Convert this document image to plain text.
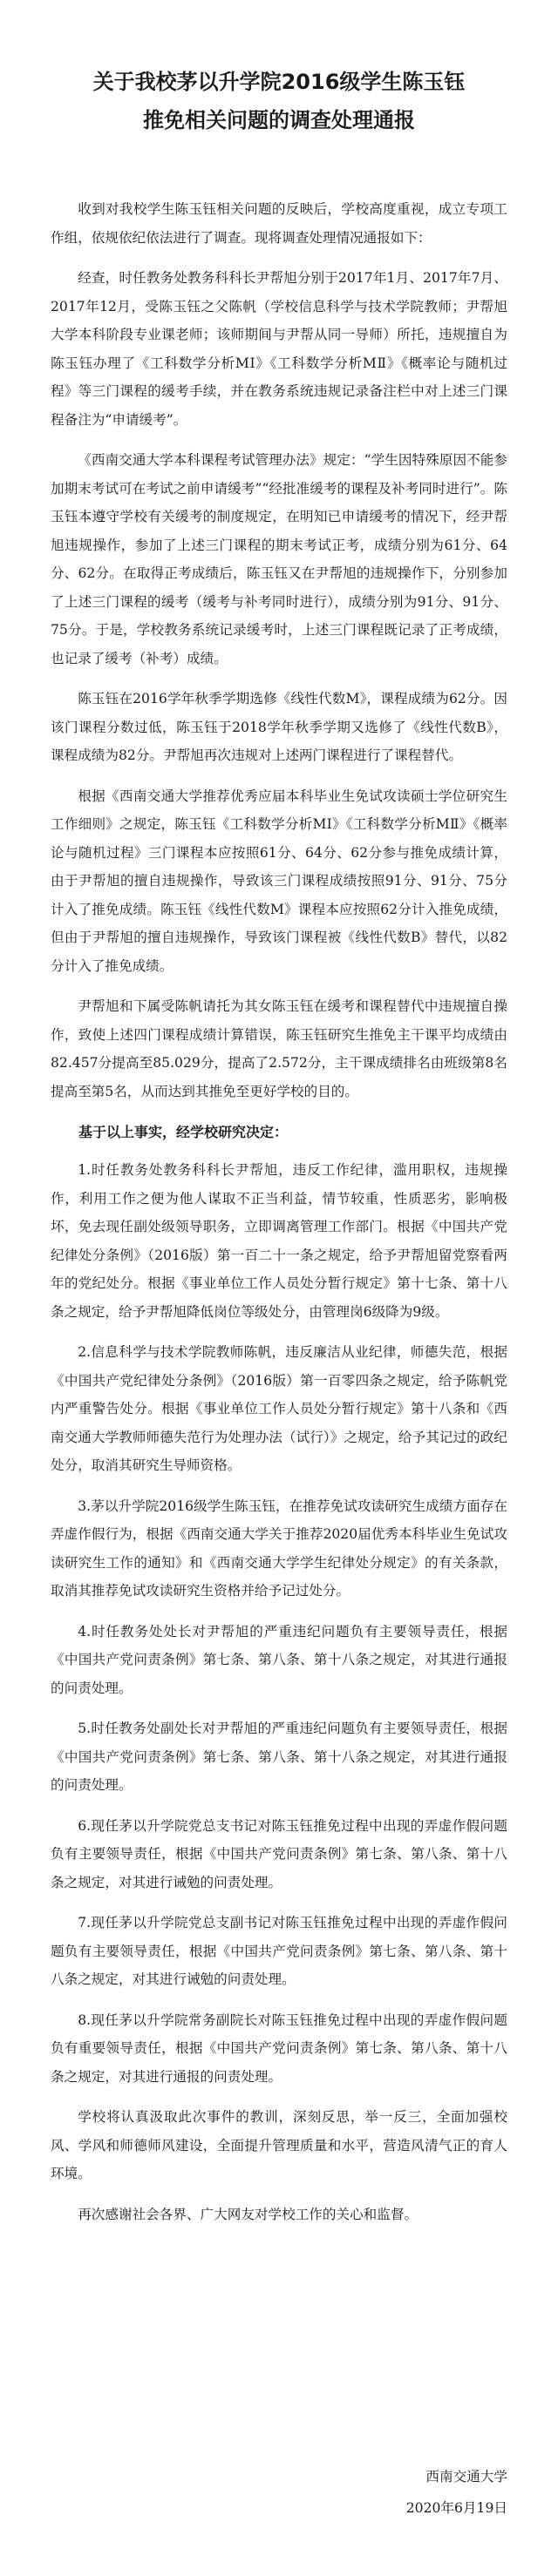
关于我校茅以升学院2016级学生陈玉钰
推免相关问题的调查处理通报

收到对我校学生陈玉钰相关问题的反映后，学校高度重视，成立专项工作组，依规依纪依法进行了调查。现将调查处理情况通报如下：

经查，时任教务处教务科科长尹帮旭分别于2017年1月、2017年7月、2017年12月，受陈玉钰之父陈帆（学校信息科学与技术学院教师；尹帮旭大学本科阶段专业课老师；该师期间与尹帮从同一导师）所托，违规擅自为陈玉钰办理了《工科数学分析MⅠ》《工科数学分析MⅡ》《概率论与随机过程》等三门课程的缓考手续，并在教务系统违规记录备注栏中对上述三门课程备注为“申请缓考”。

《西南交通大学本科课程考试管理办法》规定：“学生因特殊原因不能参加期末考试可在考试之前申请缓考”“经批准缓考的课程及补考同时进行”。陈玉钰本遵守学校有关缓考的制度规定，在明知已申请缓考的情况下，经尹帮旭违规操作，参加了上述三门课程的期末考试正考，成绩分别为61分、64分、62分。在取得正考成绩后，陈玉钰又在尹帮旭的违规操作下，分别参加了上述三门课程的缓考（缓考与补考同时进行），成绩分别为91分、91分、75分。于是，学校教务系统记录缓考时，上述三门课程既记录了正考成绩，也记录了缓考（补考）成绩。

陈玉钰在2016学年秋季学期选修《线性代数M》，课程成绩为62分。因该门课程分数过低，陈玉钰于2018学年秋季学期又选修了《线性代数B》，课程成绩为82分。尹帮旭再次违规对上述两门课程进行了课程替代。

根据《西南交通大学推荐优秀应届本科毕业生免试攻读硕士学位研究生工作细则》之规定，陈玉钰《工科数学分析MⅠ》《工科数学分析MⅡ》《概率论与随机过程》三门课程本应按照61分、64分、62分参与推免成绩计算，由于尹帮旭的擅自违规操作，导致该三门课程成绩按照91分、91分、75分计入了推免成绩。陈玉钰《线性代数M》课程本应按照62分计入推免成绩，但由于尹帮旭的擅自违规操作，导致该门课程被《线性代数B》替代，以82分计入了推免成绩。

尹帮旭和下属受陈帆请托为其女陈玉钰在缓考和课程替代中违规擅自操作，致使上述四门课程成绩计算错误，陈玉钰研究生推免主干课平均成绩由82.457分提高至85.029分，提高了2.572分，主干课成绩排名由班级第8名提高至第5名，从而达到其推免至更好学校的目的。

基于以上事实，经学校研究决定：

1.时任教务处教务科科长尹帮旭，违反工作纪律，滥用职权，违规操作，利用工作之便为他人谋取不正当利益，情节较重，性质恶劣，影响极坏，免去现任副处级领导职务，立即调离管理工作部门。根据《中国共产党纪律处分条例》（2016版）第一百二十一条之规定，给予尹帮旭留党察看两年的党纪处分。根据《事业单位工作人员处分暂行规定》第十七条、第十八条之规定，给予尹帮旭降低岗位等级处分，由管理岗6级降为9级。

2.信息科学与技术学院教师陈帆，违反廉洁从业纪律，师德失范，根据《中国共产党纪律处分条例》（2016版）第一百零四条之规定，给予陈帆党内严重警告处分。根据《事业单位工作人员处分暂行规定》第十八条和《西南交通大学教师师德失范行为处理办法（试行）》之规定，给予其记过的政纪处分，取消其研究生导师资格。

3.茅以升学院2016级学生陈玉钰，在推荐免试攻读研究生成绩方面存在弄虚作假行为，根据《西南交通大学关于推荐2020届优秀本科毕业生免试攻读研究生工作的通知》和《西南交通大学学生纪律处分规定》的有关条款，取消其推荐免试攻读研究生资格并给予记过处分。

4.时任教务处处长对尹帮旭的严重违纪问题负有主要领导责任，根据《中国共产党问责条例》第七条、第八条、第十八条之规定，对其进行通报的问责处理。

5.时任教务处副处长对尹帮旭的严重违纪问题负有主要领导责任，根据《中国共产党问责条例》第七条、第八条、第十八条之规定，对其进行通报的问责处理。

6.现任茅以升学院党总支书记对陈玉钰推免过程中出现的弄虚作假问题负有主要领导责任，根据《中国共产党问责条例》第七条、第八条、第十八条之规定，对其进行诫勉的问责处理。

7.现任茅以升学院党总支副书记对陈玉钰推免过程中出现的弄虚作假问题负有主要领导责任，根据《中国共产党问责条例》第七条、第八条、第十八条之规定，对其进行诫勉的问责处理。

8.现任茅以升学院常务副院长对陈玉钰推免过程中出现的弄虚作假问题负有重要领导责任，根据《中国共产党问责条例》第七条、第八条、第十八条之规定，对其进行通报的问责处理。

学校将认真汲取此次事件的教训，深刻反思，举一反三，全面加强校风、学风和师德师风建设，全面提升管理质量和水平，营造风清气正的育人环境。

再次感谢社会各界、广大网友对学校工作的关心和监督。

西南交通大学
2020年6月19日
